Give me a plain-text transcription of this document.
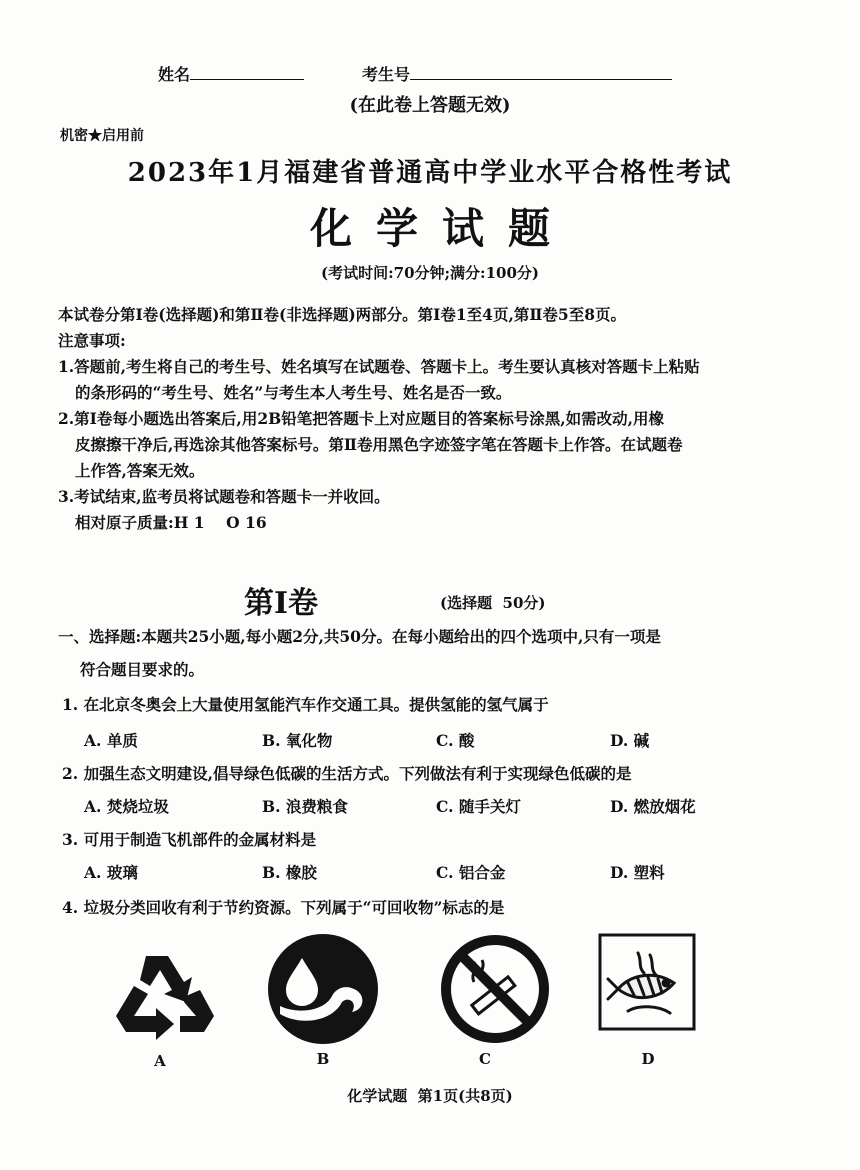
姓名	考生号
(在此卷上答题无效)
机密★启用前
2023年1月福建省普通高中学业水平合格性考试
化学试题
(考试时间:70分钟;满分:100分)
本试卷分第Ⅰ卷(选择题)和第Ⅱ卷(非选择题)两部分。第Ⅰ卷1至4页,第Ⅱ卷5至8页。
注意事项:
1.答题前,考生将自己的考生号、姓名填写在试题卷、答题卡上。考生要认真核对答题卡上粘贴
的条形码的“考生号、姓名”与考生本人考生号、姓名是否一致。
2.第Ⅰ卷每小题选出答案后,用2B铅笔把答题卡上对应题目的答案标号涂黑,如需改动,用橡
皮擦擦干净后,再选涂其他答案标号。第Ⅱ卷用黑色字迹签字笔在答题卡上作答。在试题卷
上作答,答案无效。
3.考试结束,监考员将试题卷和答题卡一并收回。
相对原子质量:H 1    O 16
第Ⅰ卷	(选择题  50分)
一、选择题:本题共25小题,每小题2分,共50分。在每小题给出的四个选项中,只有一项是
符合题目要求的。
1. 在北京冬奥会上大量使用氢能汽车作交通工具。提供氢能的氢气属于
A. 单质	B. 氧化物	C. 酸	D. 碱
2. 加强生态文明建设,倡导绿色低碳的生活方式。下列做法有利于实现绿色低碳的是
A. 焚烧垃圾	B. 浪费粮食	C. 随手关灯	D. 燃放烟花
3. 可用于制造飞机部件的金属材料是
A. 玻璃	B. 橡胶	C. 铝合金	D. 塑料
4. 垃圾分类回收有利于节约资源。下列属于“可回收物”标志的是
A	B	C	D
化学试题  第1页(共8页)
